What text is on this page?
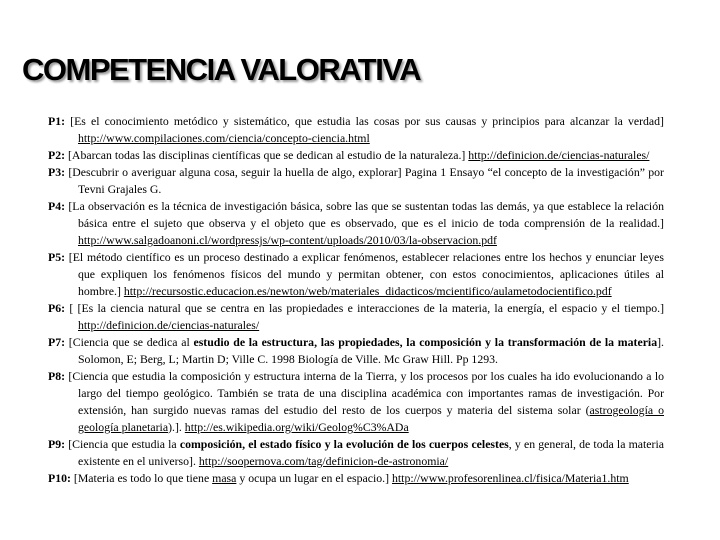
COMPETENCIA VALORATIVA
P1: [Es el conocimiento metódico y sistemático, que estudia las cosas por sus causas y principios para alcanzar la verdad] http://www.compilaciones.com/ciencia/concepto-ciencia.html
P2: [Abarcan todas las disciplinas científicas que se dedican al estudio de la naturaleza.] http://definicion.de/ciencias-naturales/
P3: [Descubrir o averiguar alguna cosa, seguir la huella de algo, explorar] Pagina 1 Ensayo “el concepto de la investigación” por Tevni Grajales G.
P4: [La observación es la técnica de investigación básica, sobre las que se sustentan todas las demás, ya que establece la relación básica entre el sujeto que observa y el objeto que es observado, que es el inicio de toda comprensión de la realidad.] http://www.salgadoanoni.cl/wordpressjs/wp-content/uploads/2010/03/la-observacion.pdf
P5: [El método científico es un proceso destinado a explicar fenómenos, establecer relaciones entre los hechos y enunciar leyes que expliquen los fenómenos físicos del mundo y permitan obtener, con estos conocimientos, aplicaciones útiles al hombre.] http://recursostic.educacion.es/newton/web/materiales_didacticos/mcientifico/aulametodocientifico.pdf
P6: [ [Es la ciencia natural que se centra en las propiedades e interacciones de la materia, la energía, el espacio y el tiempo.] http://definicion.de/ciencias-naturales/
P7: [Ciencia que se dedica al estudio de la estructura, las propiedades, la composición y la transformación de la materia]. Solomon, E; Berg, L; Martin D; Ville C. 1998 Biología de Ville. Mc Graw Hill. Pp 1293.
P8: [Ciencia que estudia la composición y estructura interna de la Tierra, y los procesos por los cuales ha ido evolucionando a lo largo del tiempo geológico. También se trata de una disciplina académica con importantes ramas de investigación. Por extensión, han surgido nuevas ramas del estudio del resto de los cuerpos y materia del sistema solar (astrogeología o geología planetaria).]. http://es.wikipedia.org/wiki/Geolog%C3%ADa
P9: [Ciencia que estudia la composición, el estado físico y la evolución de los cuerpos celestes, y en general, de toda la materia existente en el universo]. http://soopernova.com/tag/definicion-de-astronomia/
P10: [Materia es todo lo que tiene masa y ocupa un lugar en el espacio.] http://www.profesorenlinea.cl/fisica/Materia1.htm
